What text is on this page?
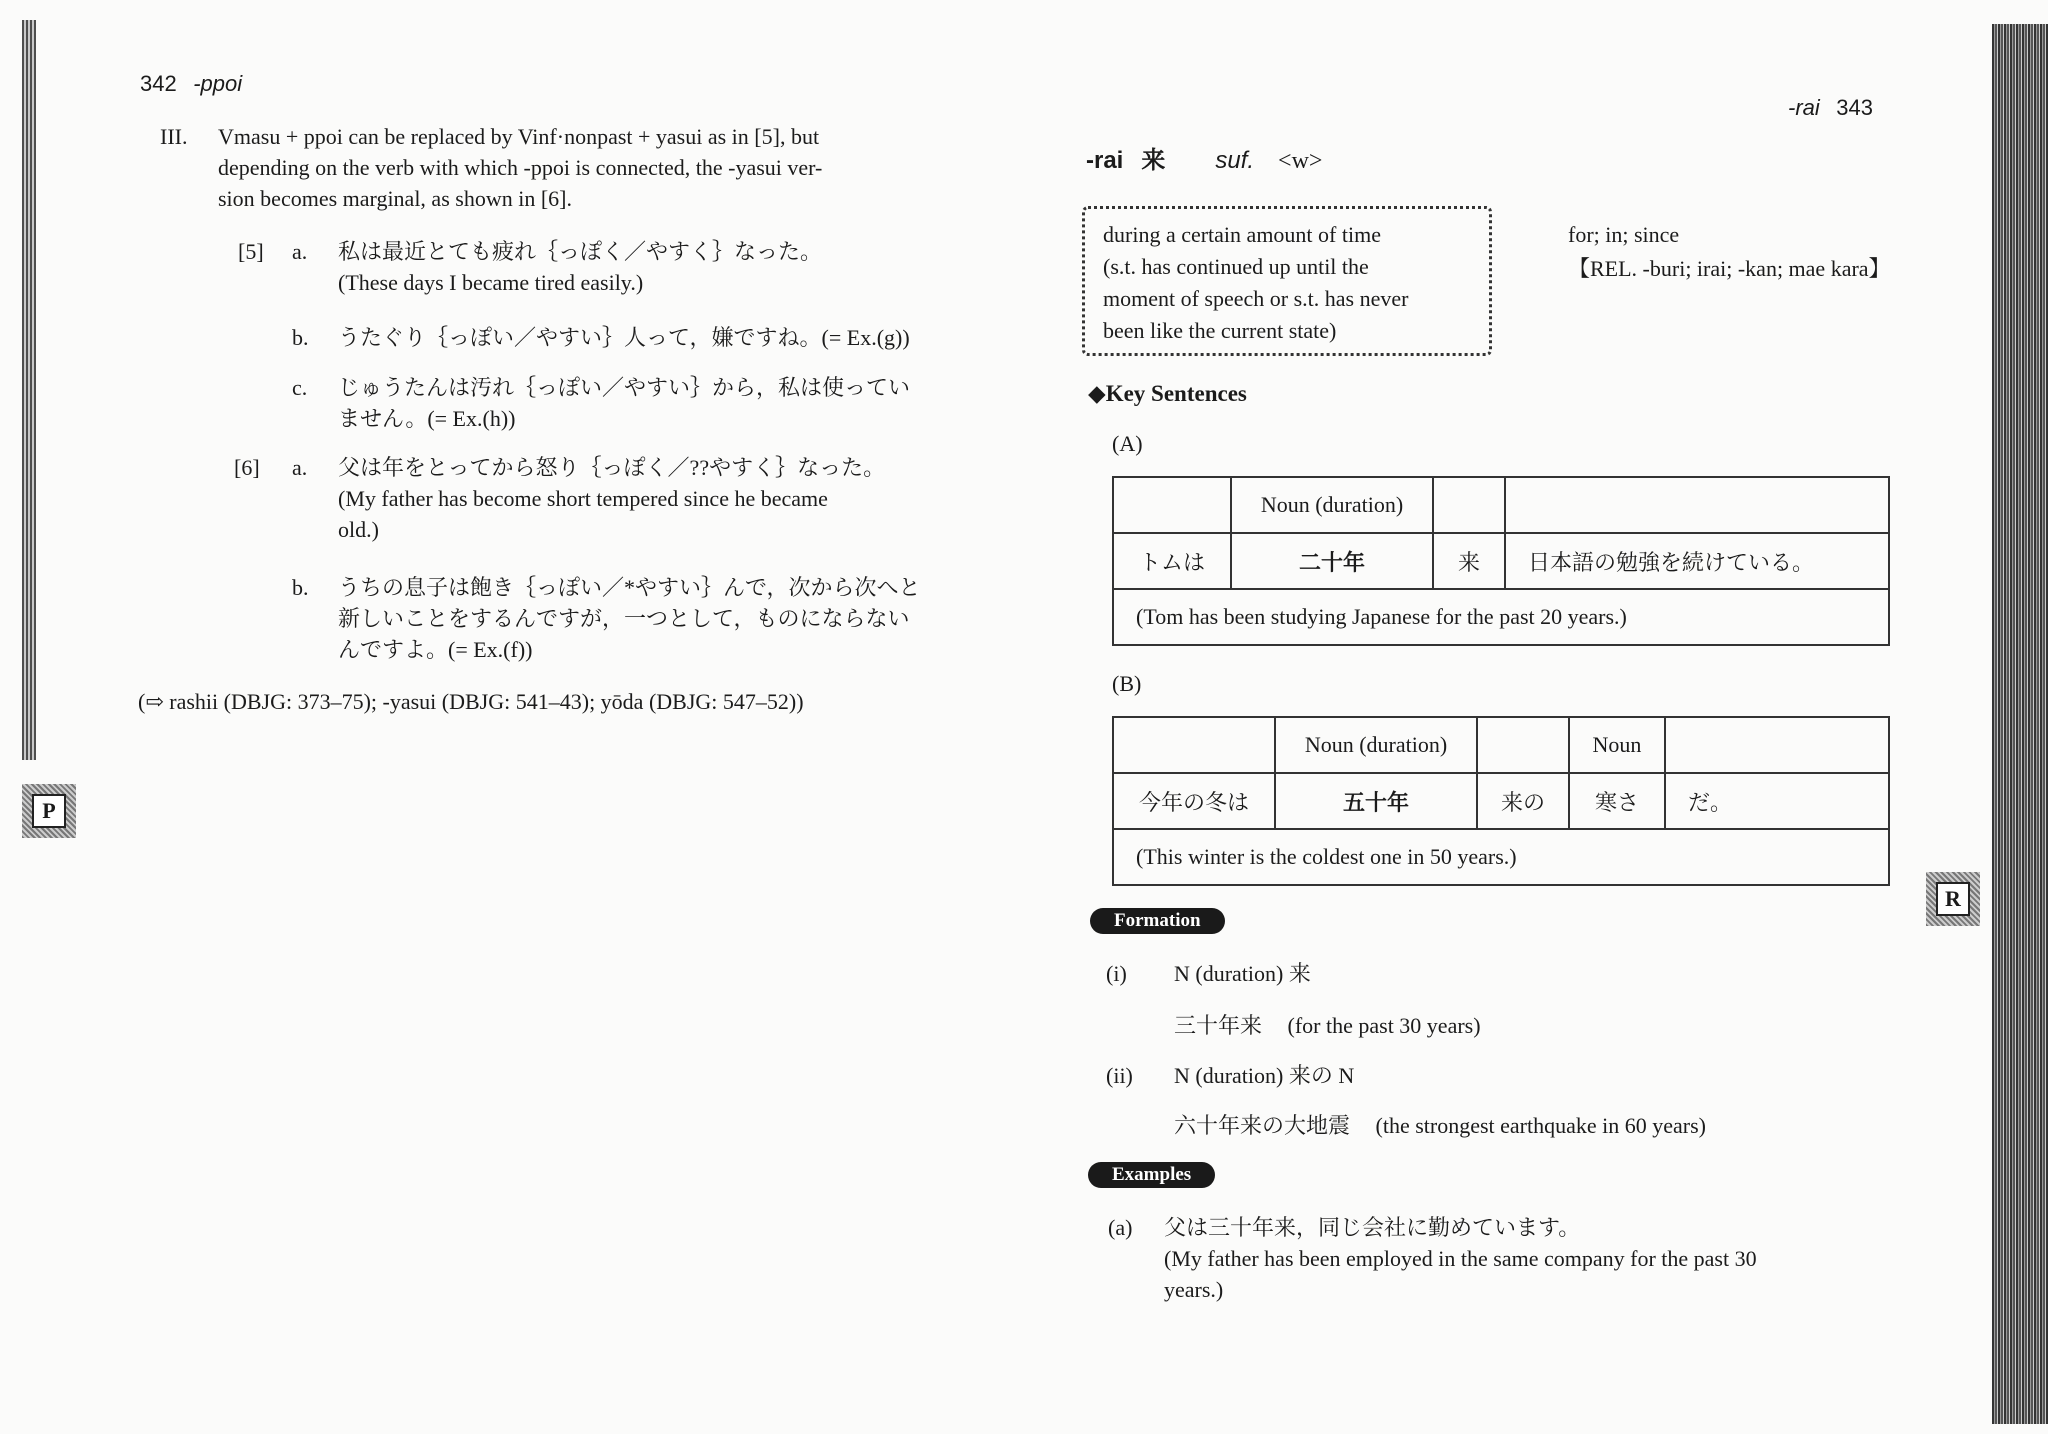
P
R
342 -ppoi
III. Vmasu + ppoi can be replaced by Vinf·nonpast + yasui as in [5], but
depending on the verb with which -ppoi is connected, the -yasui ver-
sion becomes marginal, as shown in [6].
[5] a. 私は最近とても疲れ｛っぽく／やすく｝なった。
(These days I became tired easily.)
b. うたぐり｛っぽい／やすい｝人って，嫌ですね。(= Ex.(g))
c. じゅうたんは汚れ｛っぽい／やすい｝から，私は使ってい
ません。(= Ex.(h))
[6] a. 父は年をとってから怒り｛っぽく／??やすく｝なった。
(My father has become short tempered since he became
old.)
b. うちの息子は飽き｛っぽい／*やすい｝んで，次から次へと
新しいことをするんですが，一つとして，ものにならない
んですよ。(= Ex.(f))
(⇨ rashii (DBJG: 373–75); -yasui (DBJG: 541–43); yōda (DBJG: 547–52))
-rai 343
-rai 来 suf. <w>
during a certain amount of time
(s.t. has continued up until the
moment of speech or s.t. has never
been like the current state)
for; in; since
【REL. -buri; irai; -kan; mae kara】
◆Key Sentences
(A)
	Noun (duration)		
トムは	二十年	来	日本語の勉強を続けている。
(Tom has been studying Japanese for the past 20 years.)			
(B)
	Noun (duration)		Noun	
今年の冬は	五十年	来の	寒さ	だ。
(This winter is the coldest one in 50 years.)				
Formation
(i) N (duration) 来
三十年来 (for the past 30 years)
(ii) N (duration) 来の N
六十年来の大地震 (the strongest earthquake in 60 years)
Examples
(a) 父は三十年来，同じ会社に勤めています。
(My father has been employed in the same company for the past 30
years.)
